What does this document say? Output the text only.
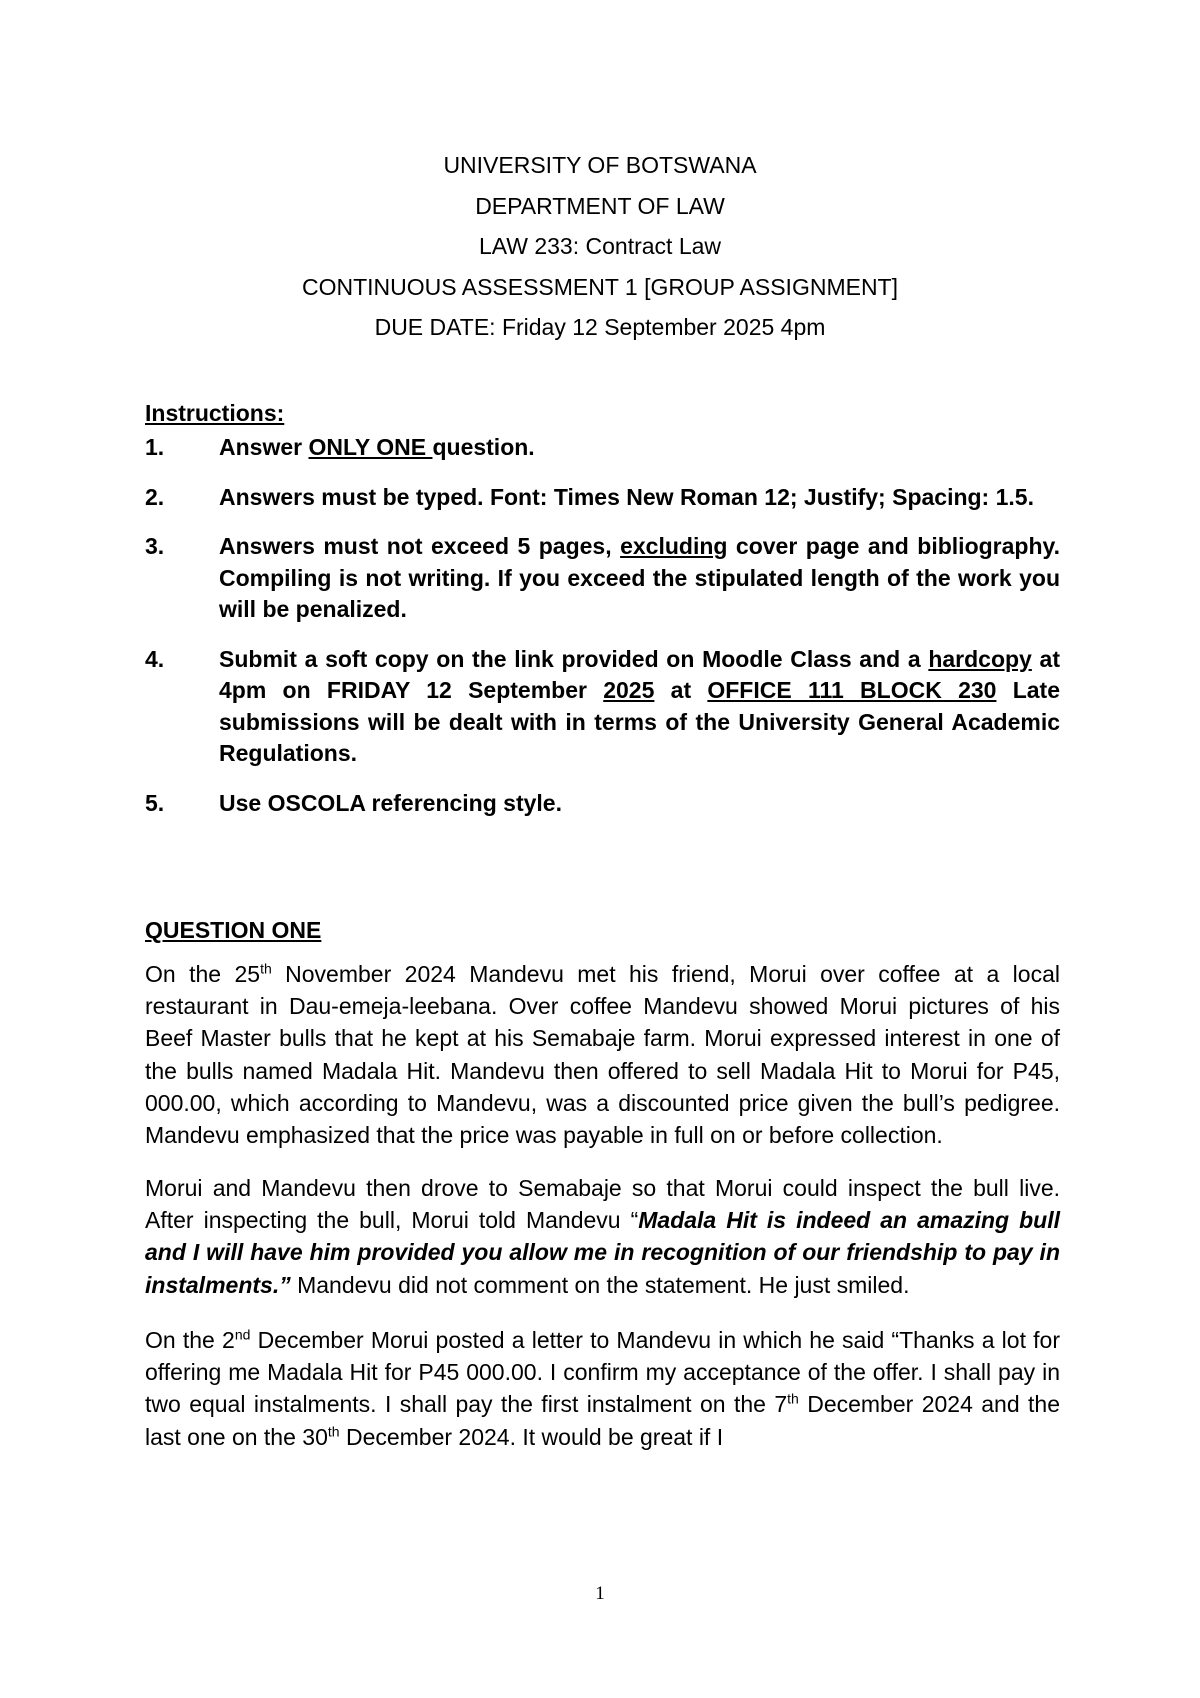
UNIVERSITY OF BOTSWANA
DEPARTMENT OF LAW
LAW 233: Contract Law
CONTINUOUS ASSESSMENT 1 [GROUP ASSIGNMENT]
DUE DATE: Friday 12 September 2025 4pm
Instructions:
1.	Answer ONLY ONE question.
2.	Answers must be typed. Font: Times New Roman 12; Justify; Spacing: 1.5.
3.	Answers must not exceed 5 pages, excluding cover page and bibliography. Compiling is not writing. If you exceed the stipulated length of the work you will be penalized.
4.	Submit a soft copy on the link provided on Moodle Class and a hardcopy at 4pm on FRIDAY 12 September 2025 at OFFICE 111 BLOCK 230 Late submissions will be dealt with in terms of the University General Academic Regulations.
5.	Use OSCOLA referencing style.
QUESTION ONE
On the 25th November 2024 Mandevu met his friend, Morui over coffee at a local restaurant in Dau-emeja-leebana. Over coffee Mandevu showed Morui pictures of his Beef Master bulls that he kept at his Semabaje farm. Morui expressed interest in one of the bulls named Madala Hit. Mandevu then offered to sell Madala Hit to Morui for P45, 000.00, which according to Mandevu, was a discounted price given the bull’s pedigree. Mandevu emphasized that the price was payable in full on or before collection.
Morui and Mandevu then drove to Semabaje so that Morui could inspect the bull live. After inspecting the bull, Morui told Mandevu “Madala Hit is indeed an amazing bull and I will have him provided you allow me in recognition of our friendship to pay in instalments.” Mandevu did not comment on the statement. He just smiled.
On the 2nd December Morui posted a letter to Mandevu in which he said “Thanks a lot for offering me Madala Hit for P45 000.00. I confirm my acceptance of the offer. I shall pay in two equal instalments. I shall pay the first instalment on the 7th December 2024 and the last one on the 30th December 2024. It would be great if I
1
